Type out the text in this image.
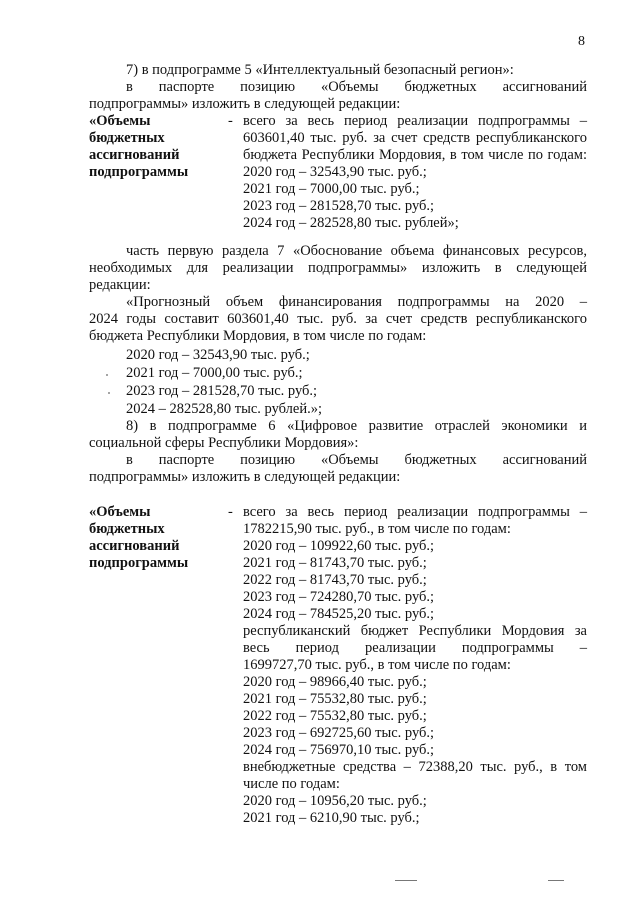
8
7) в подпрограмме 5 «Интеллектуальный безопасный регион»:
в паспорте позицию «Объемы бюджетных ассигнований
подпрограммы» изложить в следующей редакции:
«Объемы
бюджетных
ассигнований
подпрограммы
- всего за весь период реализации подпрограммы –
603601,40 тыс. руб. за счет средств республиканского
бюджета Республики Мордовия, в том числе по годам:
2020 год – 32543,90 тыс. руб.;
2021 год – 7000,00 тыс. руб.;
2023 год – 281528,70 тыс. руб.;
2024 год – 282528,80 тыс. рублей»;
часть первую раздела 7 «Обоснование объема финансовых ресурсов,
необходимых для реализации подпрограммы» изложить в следующей
редакции:
«Прогнозный объем финансирования подпрограммы на 2020 –
2024 годы составит 603601,40 тыс. руб. за счет средств республиканского
бюджета Республики Мордовия, в том числе по годам:
2020 год – 32543,90 тыс. руб.;
2021 год – 7000,00 тыс. руб.;
2023 год – 281528,70 тыс. руб.;
2024 – 282528,80 тыс. рублей.»;
8) в подпрограмме 6 «Цифровое развитие отраслей экономики и
социальной сферы Республики Мордовия»:
в паспорте позицию «Объемы бюджетных ассигнований
подпрограммы» изложить в следующей редакции:
«Объемы
бюджетных
ассигнований
подпрограммы
- всего за весь период реализации подпрограммы –
1782215,90 тыс. руб., в том числе по годам:
2020 год – 109922,60 тыс. руб.;
2021 год – 81743,70 тыс. руб.;
2022 год – 81743,70 тыс. руб.;
2023 год – 724280,70 тыс. руб.;
2024 год – 784525,20 тыс. руб.;
республиканский бюджет Республики Мордовия за
весь период реализации подпрограммы –
1699727,70 тыс. руб., в том числе по годам:
2020 год – 98966,40 тыс. руб.;
2021 год – 75532,80 тыс. руб.;
2022 год – 75532,80 тыс. руб.;
2023 год – 692725,60 тыс. руб.;
2024 год – 756970,10 тыс. руб.;
внебюджетные средства – 72388,20 тыс. руб., в том
числе по годам:
2020 год – 10956,20 тыс. руб.;
2021 год – 6210,90 тыс. руб.;
